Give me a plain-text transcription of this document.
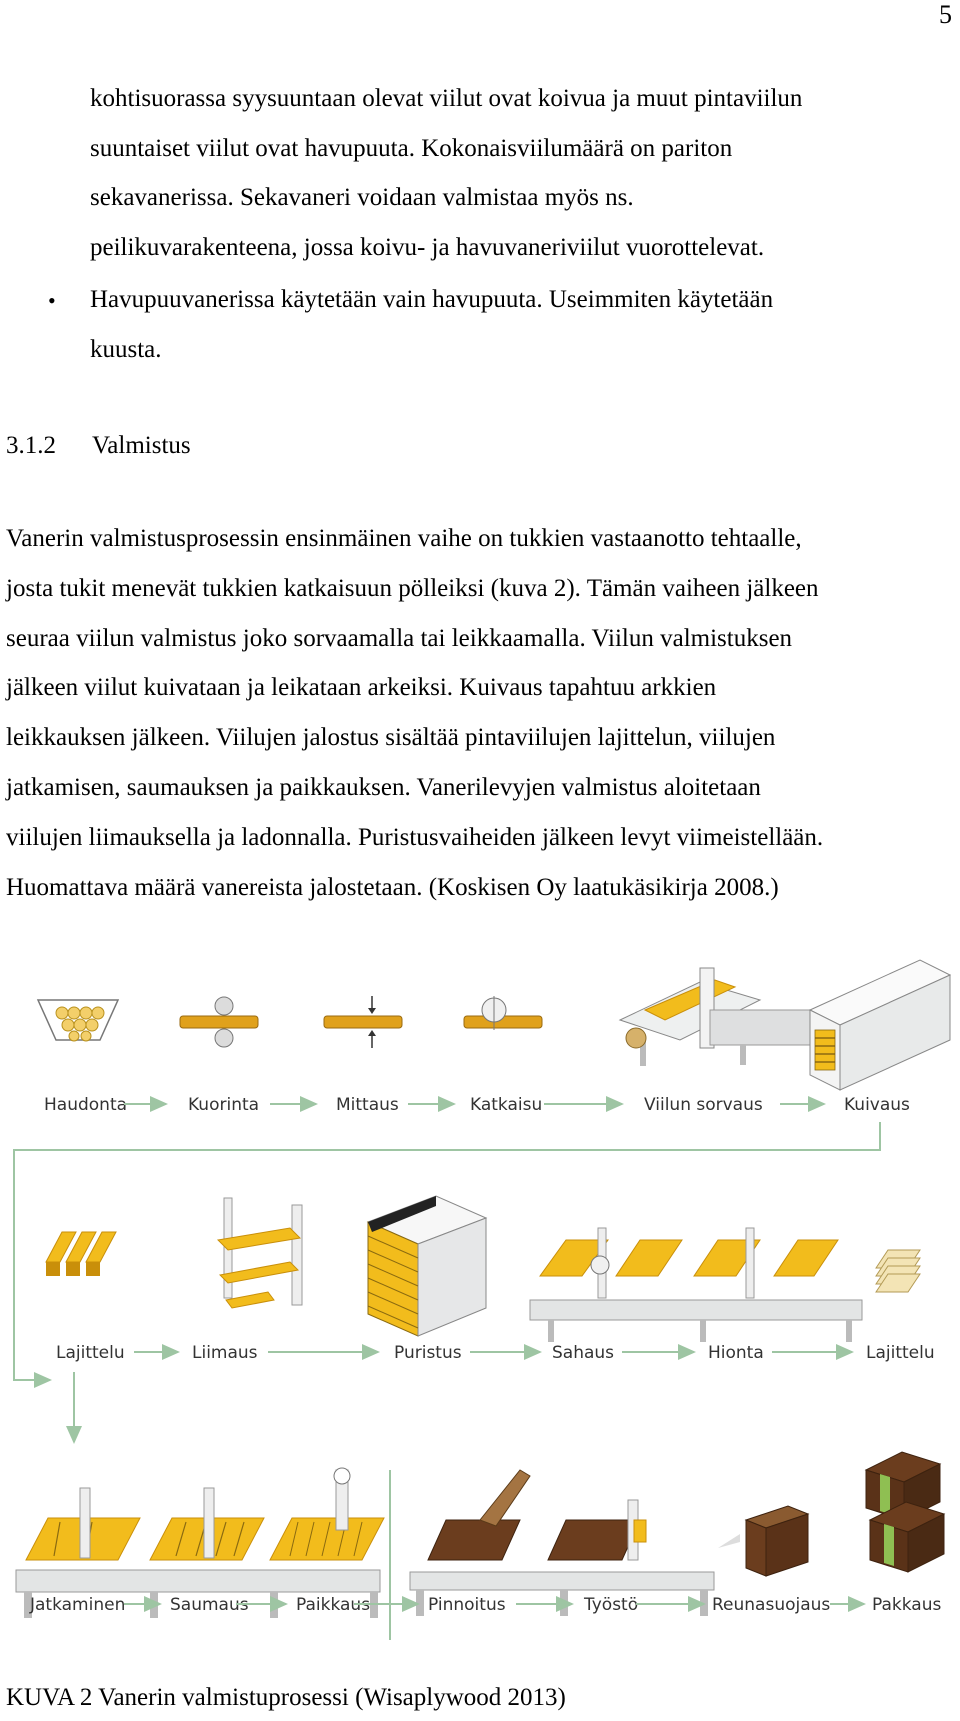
5
kohtisuorassa syysuuntaan olevat viilut ovat koivua ja muut pintaviilun
suuntaiset viilut ovat havupuuta. Kokonaisviilumäärä on pariton
sekavanerissa. Sekavaneri voidaan valmistaa myös ns.
peilikuvarakenteena, jossa koivu- ja havuvaneriviilut vuorottelevat.
• Havupuuvanerissa käytetään vain havupuuta. Useimmiten käytetään
kuusta.
3.1.2 Valmistus
Vanerin valmistusprosessin ensinmäinen vaihe on tukkien vastaanotto tehtaalle,
josta tukit menevät tukkien katkaisuun pölleiksi (kuva 2). Tämän vaiheen jälkeen
seuraa viilun valmistus joko sorvaamalla tai leikkaamalla. Viilun valmistuksen
jälkeen viilut kuivataan ja leikataan arkeiksi. Kuivaus tapahtuu arkkien
leikkauksen jälkeen. Viilujen jalostus sisältää pintaviilujen lajittelun, viilujen
jatkamisen, saumauksen ja paikkauksen. Vanerilevyjen valmistus aloitetaan
viilujen liimauksella ja ladonnalla. Puristusvaiheiden jälkeen levyt viimeistellään.
Huomattava määrä vanereista jalostetaan. (Koskisen Oy laatukäsikirja 2008.)
Haudonta	Kuorinta	Mittaus	Katkaisu	Viilun sorvaus	Kuivaus
Lajittelu	Liimaus	Puristus	Sahaus	Hionta	Lajittelu
Jatkaminen	Saumaus	Paikkaus	Pinnoitus	Työstö	Reunasuojaus Pakkaus
KUVA 2 Vanerin valmistuprosessi (Wisaplywood 2013)
